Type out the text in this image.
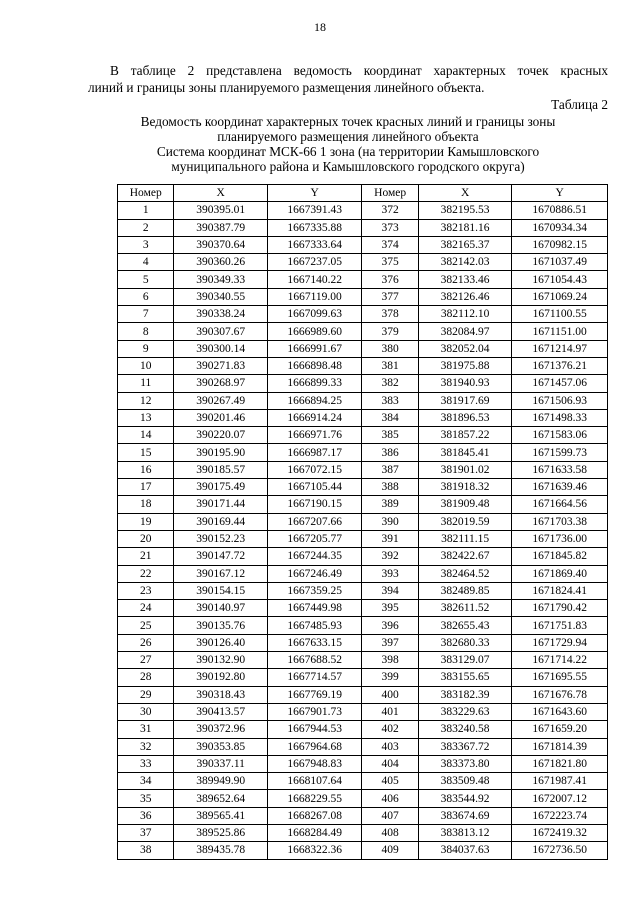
18
В таблице 2 представлена ведомость координат характерных точек красных
линий и границы зоны планируемого размещения линейного объекта.
Таблица 2
Ведомость координат характерных точек красных линий и границы зоны
планируемого размещения линейного объекта
Система координат МСК-66 1 зона (на территории Камышловского
муниципального района и Камышловского городского округа)
Номер	X	Y	Номер	X	Y
1	390395.01	1667391.43	372	382195.53	1670886.51
2	390387.79	1667335.88	373	382181.16	1670934.34
3	390370.64	1667333.64	374	382165.37	1670982.15
4	390360.26	1667237.05	375	382142.03	1671037.49
5	390349.33	1667140.22	376	382133.46	1671054.43
6	390340.55	1667119.00	377	382126.46	1671069.24
7	390338.24	1667099.63	378	382112.10	1671100.55
8	390307.67	1666989.60	379	382084.97	1671151.00
9	390300.14	1666991.67	380	382052.04	1671214.97
10	390271.83	1666898.48	381	381975.88	1671376.21
11	390268.97	1666899.33	382	381940.93	1671457.06
12	390267.49	1666894.25	383	381917.69	1671506.93
13	390201.46	1666914.24	384	381896.53	1671498.33
14	390220.07	1666971.76	385	381857.22	1671583.06
15	390195.90	1666987.17	386	381845.41	1671599.73
16	390185.57	1667072.15	387	381901.02	1671633.58
17	390175.49	1667105.44	388	381918.32	1671639.46
18	390171.44	1667190.15	389	381909.48	1671664.56
19	390169.44	1667207.66	390	382019.59	1671703.38
20	390152.23	1667205.77	391	382111.15	1671736.00
21	390147.72	1667244.35	392	382422.67	1671845.82
22	390167.12	1667246.49	393	382464.52	1671869.40
23	390154.15	1667359.25	394	382489.85	1671824.41
24	390140.97	1667449.98	395	382611.52	1671790.42
25	390135.76	1667485.93	396	382655.43	1671751.83
26	390126.40	1667633.15	397	382680.33	1671729.94
27	390132.90	1667688.52	398	383129.07	1671714.22
28	390192.80	1667714.57	399	383155.65	1671695.55
29	390318.43	1667769.19	400	383182.39	1671676.78
30	390413.57	1667901.73	401	383229.63	1671643.60
31	390372.96	1667944.53	402	383240.58	1671659.20
32	390353.85	1667964.68	403	383367.72	1671814.39
33	390337.11	1667948.83	404	383373.80	1671821.80
34	389949.90	1668107.64	405	383509.48	1671987.41
35	389652.64	1668229.55	406	383544.92	1672007.12
36	389565.41	1668267.08	407	383674.69	1672223.74
37	389525.86	1668284.49	408	383813.12	1672419.32
38	389435.78	1668322.36	409	384037.63	1672736.50
